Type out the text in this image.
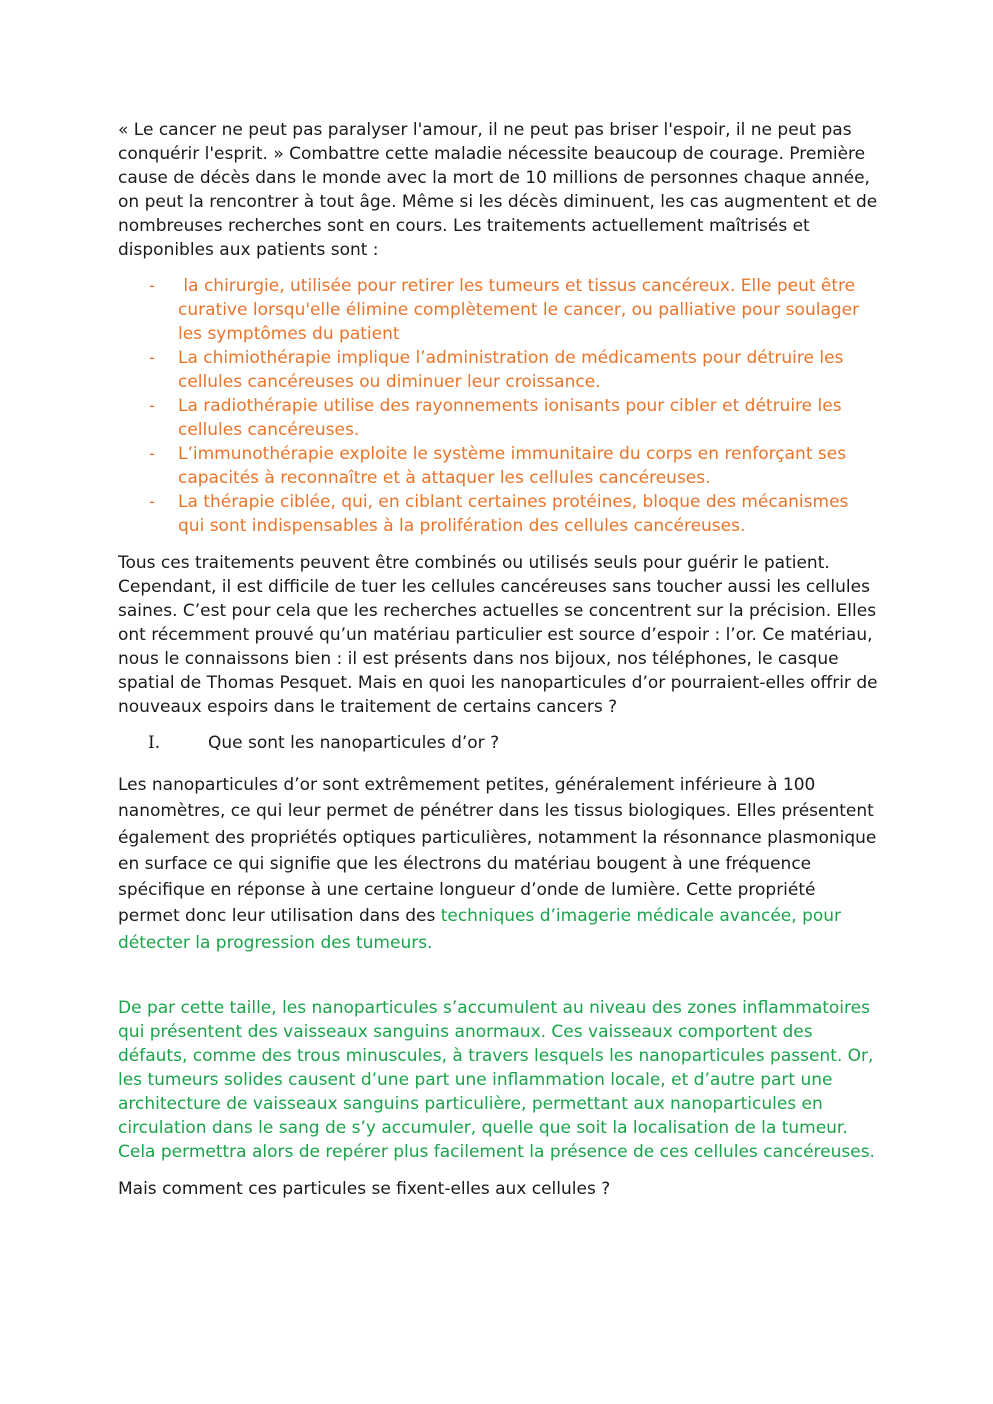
« Le cancer ne peut pas paralyser l'amour, il ne peut pas briser l'espoir, il ne peut pas conquérir l'esprit. » Combattre cette maladie nécessite beaucoup de courage. Première cause de décès dans le monde avec la mort de 10 millions de personnes chaque année, on peut la rencontrer à tout âge. Même si les décès diminuent, les cas augmentent et de nombreuses recherches sont en cours. Les traitements actuellement maîtrisés et disponibles aux patients sont :

- la chirurgie, utilisée pour retirer les tumeurs et tissus cancéreux. Elle peut être curative lorsqu'elle élimine complètement le cancer, ou palliative pour soulager les symptômes du patient
- La chimiothérapie implique l’administration de médicaments pour détruire les cellules cancéreuses ou diminuer leur croissance.
- La radiothérapie utilise des rayonnements ionisants pour cibler et détruire les cellules cancéreuses.
- L’immunothérapie exploite le système immunitaire du corps en renforçant ses capacités à reconnaître et à attaquer les cellules cancéreuses.
- La thérapie ciblée, qui, en ciblant certaines protéines, bloque des mécanismes qui sont indispensables à la prolifération des cellules cancéreuses.

Tous ces traitements peuvent être combinés ou utilisés seuls pour guérir le patient. Cependant, il est difficile de tuer les cellules cancéreuses sans toucher aussi les cellules saines. C’est pour cela que les recherches actuelles se concentrent sur la précision. Elles ont récemment prouvé qu’un matériau particulier est source d’espoir : l’or. Ce matériau, nous le connaissons bien : il est présents dans nos bijoux, nos téléphones, le casque spatial de Thomas Pesquet. Mais en quoi les nanoparticules d’or pourraient-elles offrir de nouveaux espoirs dans le traitement de certains cancers ?

I.	Que sont les nanoparticules d’or ?

Les nanoparticules d’or sont extrêmement petites, généralement inférieure à 100 nanomètres, ce qui leur permet de pénétrer dans les tissus biologiques. Elles présentent également des propriétés optiques particulières, notamment la résonnance plasmonique en surface ce qui signifie que les électrons du matériau bougent à une fréquence spécifique en réponse à une certaine longueur d’onde de lumière. Cette propriété permet donc leur utilisation dans des techniques d’imagerie médicale avancée, pour détecter la progression des tumeurs.

De par cette taille, les nanoparticules s’accumulent au niveau des zones inflammatoires qui présentent des vaisseaux sanguins anormaux. Ces vaisseaux comportent des défauts, comme des trous minuscules, à travers lesquels les nanoparticules passent. Or, les tumeurs solides causent d’une part une inflammation locale, et d’autre part une architecture de vaisseaux sanguins particulière, permettant aux nanoparticules en circulation dans le sang de s’y accumuler, quelle que soit la localisation de la tumeur. Cela permettra alors de repérer plus facilement la présence de ces cellules cancéreuses.

Mais comment ces particules se fixent-elles aux cellules ?
